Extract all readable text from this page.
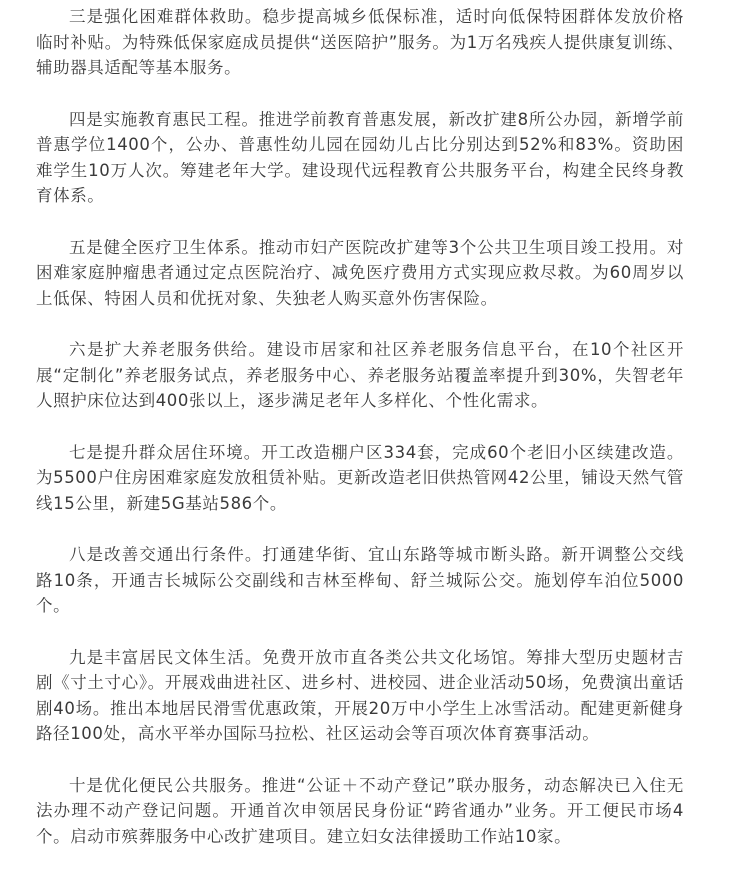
三是强化困难群体救助。稳步提高城乡低保标准，适时向低保特困群体发放价格临时补贴。为特殊低保家庭成员提供“送医陪护”服务。为1万名残疾人提供康复训练、辅助器具适配等基本服务。

四是实施教育惠民工程。推进学前教育普惠发展，新改扩建8所公办园，新增学前普惠学位1400个，公办、普惠性幼儿园在园幼儿占比分别达到52%和83%。资助困难学生10万人次。筹建老年大学。建设现代远程教育公共服务平台，构建全民终身教育体系。

五是健全医疗卫生体系。推动市妇产医院改扩建等3个公共卫生项目竣工投用。对困难家庭肿瘤患者通过定点医院治疗、减免医疗费用方式实现应救尽救。为60周岁以上低保、特困人员和优抚对象、失独老人购买意外伤害保险。

六是扩大养老服务供给。建设市居家和社区养老服务信息平台，在10个社区开展“定制化”养老服务试点，养老服务中心、养老服务站覆盖率提升到30%，失智老年人照护床位达到400张以上，逐步满足老年人多样化、个性化需求。

七是提升群众居住环境。开工改造棚户区334套，完成60个老旧小区续建改造。为5500户住房困难家庭发放租赁补贴。更新改造老旧供热管网42公里，铺设天然气管线15公里，新建5G基站586个。

八是改善交通出行条件。打通建华街、宜山东路等城市断头路。新开调整公交线路10条，开通吉长城际公交副线和吉林至桦甸、舒兰城际公交。施划停车泊位5000个。

九是丰富居民文体生活。免费开放市直各类公共文化场馆。筹排大型历史题材吉剧《寸土寸心》。开展戏曲进社区、进乡村、进校园、进企业活动50场，免费演出童话剧40场。推出本地居民滑雪优惠政策，开展20万中小学生上冰雪活动。配建更新健身路径100处，高水平举办国际马拉松、社区运动会等百项次体育赛事活动。

十是优化便民公共服务。推进“公证＋不动产登记”联办服务，动态解决已入住无法办理不动产登记问题。开通首次申领居民身份证“跨省通办”业务。开工便民市场4个。启动市殡葬服务中心改扩建项目。建立妇女法律援助工作站10家。
